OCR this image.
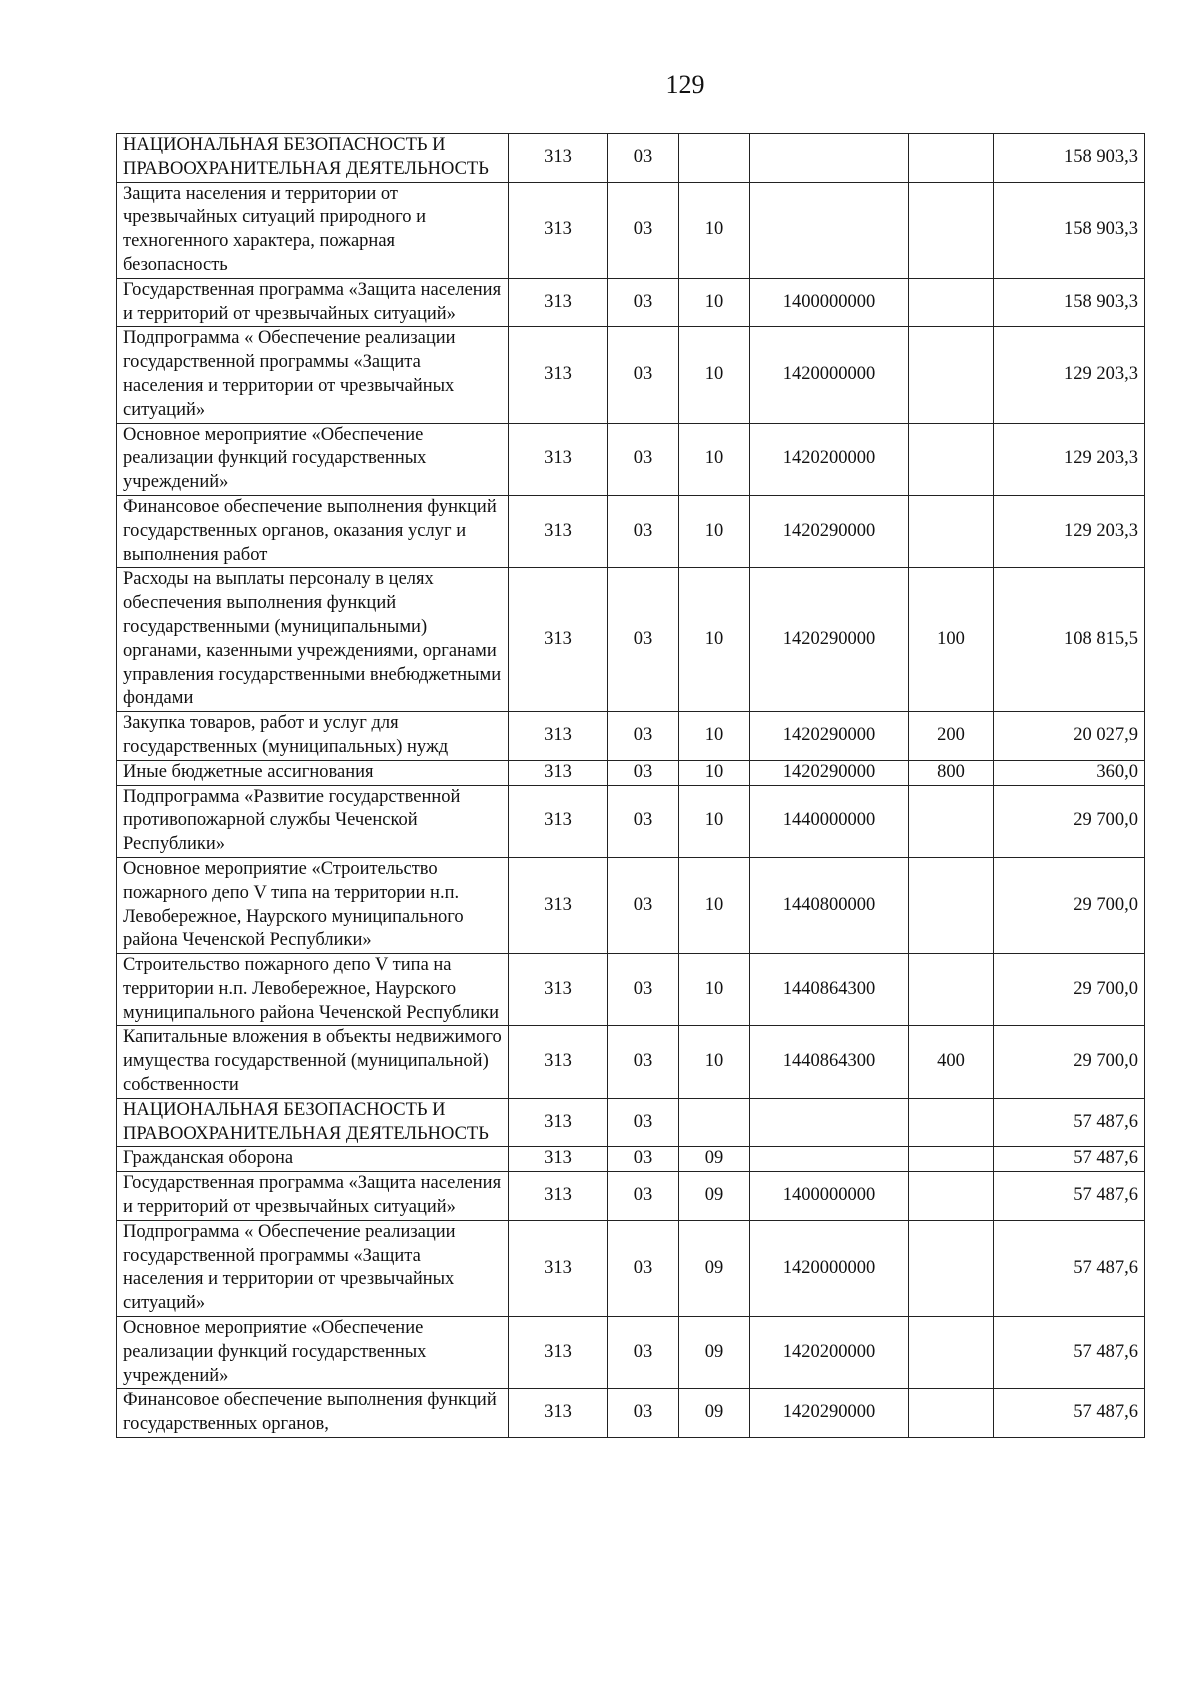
129
НАЦИОНАЛЬНАЯ БЕЗОПАСНОСТЬ И ПРАВООХРАНИТЕЛЬНАЯ ДЕЯТЕЛЬНОСТЬ	313	03				158 903,3
Защита населения и территории от чрезвычайных ситуаций природного и техногенного характера, пожарная безопасность	313	03	10			158 903,3
Государственная программа «Защита населения и территорий от чрезвычайных ситуаций»	313	03	10	1400000000		158 903,3
Подпрограмма « Обеспечение реализации государственной программы «Защита населения и территории от чрезвычайных ситуаций»	313	03	10	1420000000		129 203,3
Основное мероприятие «Обеспечение реализации функций государственных учреждений»	313	03	10	1420200000		129 203,3
Финансовое обеспечение выполнения функций государственных органов, оказания услуг и выполнения работ	313	03	10	1420290000		129 203,3
Расходы на выплаты персоналу в целях обеспечения выполнения функций государственными (муниципальными) органами, казенными учреждениями, органами управления государственными внебюджетными фондами	313	03	10	1420290000	100	108 815,5
Закупка товаров, работ и услуг для государственных (муниципальных) нужд	313	03	10	1420290000	200	20 027,9
Иные бюджетные ассигнования	313	03	10	1420290000	800	360,0
Подпрограмма «Развитие государственной противопожарной службы Чеченской Республики»	313	03	10	1440000000		29 700,0
Основное мероприятие «Строительство пожарного депо V типа на территории н.п. Левобережное, Наурского муниципального района Чеченской Республики»	313	03	10	1440800000		29 700,0
Строительство пожарного депо V типа на территории н.п. Левобережное, Наурского муниципального района Чеченской Республики	313	03	10	1440864300		29 700,0
Капитальные вложения в объекты недвижимого имущества государственной (муниципальной) собственности	313	03	10	1440864300	400	29 700,0
НАЦИОНАЛЬНАЯ БЕЗОПАСНОСТЬ И ПРАВООХРАНИТЕЛЬНАЯ ДЕЯТЕЛЬНОСТЬ	313	03				57 487,6
Гражданская оборона	313	03	09			57 487,6
Государственная программа «Защита населения и территорий от чрезвычайных ситуаций»	313	03	09	1400000000		57 487,6
Подпрограмма « Обеспечение реализации государственной программы «Защита населения и территории от чрезвычайных ситуаций»	313	03	09	1420000000		57 487,6
Основное мероприятие «Обеспечение реализации функций государственных учреждений»	313	03	09	1420200000		57 487,6
Финансовое обеспечение выполнения функций государственных органов,	313	03	09	1420290000		57 487,6
